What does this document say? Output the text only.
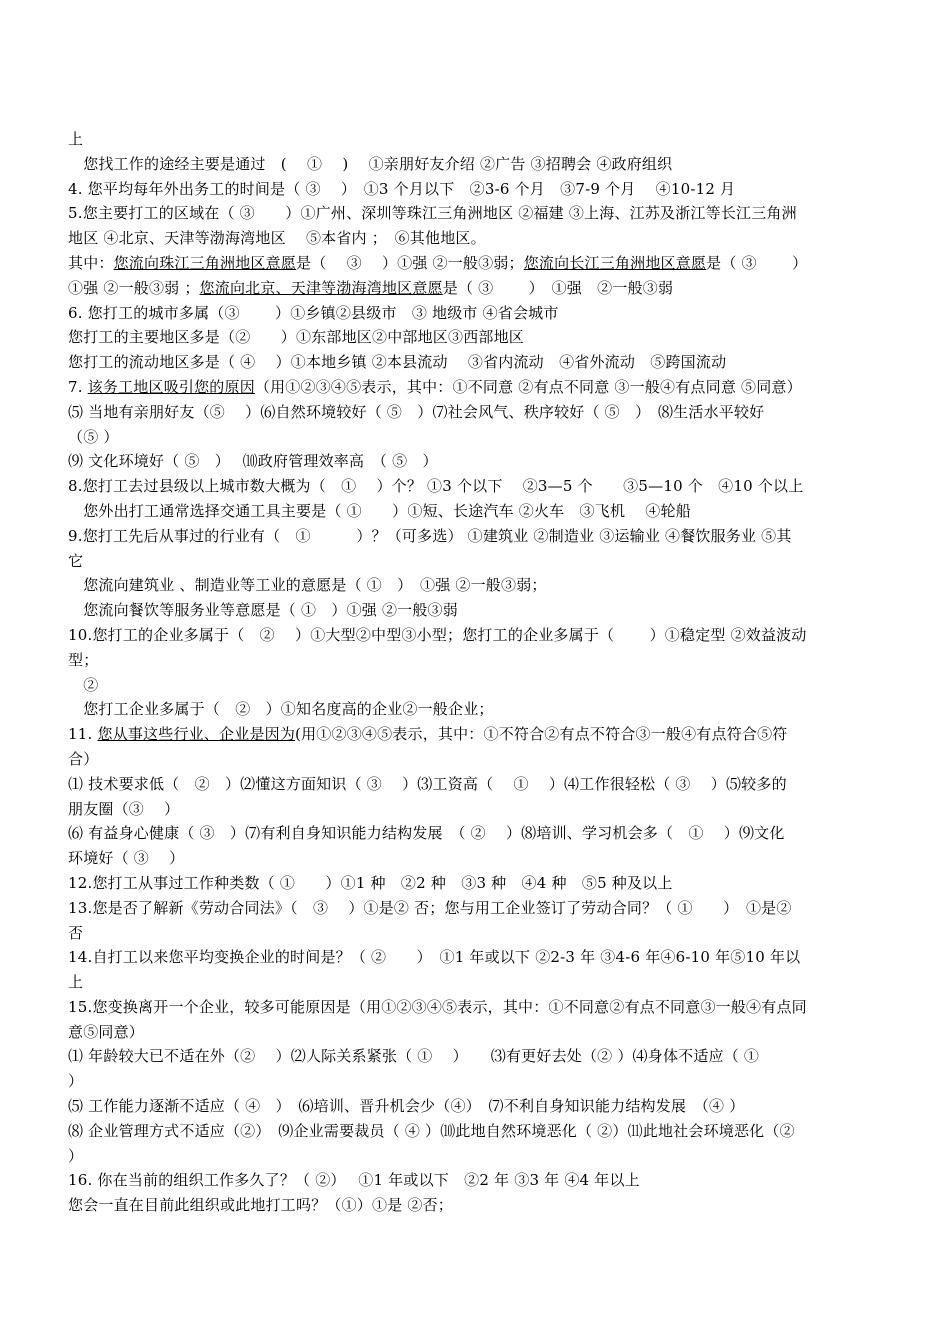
上
　您找工作的途经主要是通过　(　 ① 　)　 ①亲朋好友介绍 ②广告 ③招聘会 ④政府组织
4. 您平均每年外出务工的时间是（ ③　 ）　①3 个月以下　②3-6 个月　③7-9 个月　 ④10-12 月
5.您主要打工的区域在（ ③　　）①广州、深圳等珠江三角洲地区 ②福建 ③上海、江苏及浙江等长江三角洲
地区 ④北京、天津等渤海湾地区　 ⑤本省内 ；　⑥其他地区。
其中：您流向珠江三角洲地区意愿是（　 ③　 ）①强 ②一般③弱；您流向长江三角洲地区意愿是（ ③　　 ）
①强 ②一般③弱 ；您流向北京、天津等渤海湾地区意愿是（ ③　　 ）　①强　②一般③弱
6. 您打工的城市多属（③　　 ）①乡镇②县级市　③ 地级市 ④省会城市
您打工的主要地区多是（②　　）①东部地区②中部地区③西部地区
您打工的流动地区多是（ ④　 ）①本地乡镇 ②本县流动　 ③省内流动　④省外流动　⑤跨国流动
7. 该务工地区吸引您的原因（用①②③④⑤表示，其中：①不同意 ②有点不同意 ③一般④有点同意 ⑤同意）
⑸ 当地有亲朋好友（⑤　 ）⑹自然环境较好（ ⑤　）⑺社会风气、秩序较好（ ⑤　）　⑻生活水平较好
（⑤ ）
⑼ 文化环境好（ ⑤　）　 ⑽政府管理效率高　（ ⑤　）
8.您打工去过县级以上城市数大概为（　①　 ）个？ ①3 个以下　 ②3—5 个　　③5—10 个　④10 个以上
　您外出打工通常选择交通工具主要是（ ①　　）①短、长途汽车 ②火车　③飞机　 ④轮船
9.您打工先后从事过的行业有（　①　　　）？（可多选） ①建筑业 ②制造业 ③运输业 ④餐饮服务业 ⑤其
它
　您流向建筑业 、制造业等工业的意愿是（ ①　）　①强 ②一般③弱；
　您流向餐饮等服务业等意愿是（ ①　）①强 ②一般③弱
10.您打工的企业多属于（　②　 ）①大型②中型③小型；您打工的企业多属于（　　 ）①稳定型 ②效益波动
型；
　②
　您打工企业多属于（　②　）①知名度高的企业②一般企业；
11. 您从事这些行业、企业是因为(用①②③④⑤表示，其中：①不符合②有点不符合③一般④有点符合⑤符
合）
⑴ 技术要求低（　②　）⑵懂这方面知识（ ③　 ）⑶工资高（　 ①　 ）⑷工作很轻松（ ③　 ）⑸较多的
朋友圈（③　 ）
⑹ 有益身心健康（ ③　）⑺有利自身知识能力结构发展　（ ②　 ）⑻培训、学习机会多（　①　 ）⑼文化
环境好（ ③　 ）
12.您打工从事过工作种类数（ ①　　）①1 种　②2 种　③3 种　④4 种　⑤5 种及以上
13.您是否了解新《劳动合同法》（　③　 ）①是② 否；您与用工企业签订了劳动合同？（ ①　　）　①是②
否
14.自打工以来您平均变换企业的时间是？（ ②　　）　①1 年或以下 ②2-3 年 ③4-6 年④6-10 年⑤10 年以
上
15.您变换离开一个企业，较多可能原因是（用①②③④⑤表示，其中：①不同意②有点不同意③一般④有点同
意⑤同意）
⑴ 年龄较大已不适在外（②　 ）⑵人际关系紧张（ ①　 ）　　⑶有更好去处（② ）⑷身体不适应（ ①
）
⑸ 工作能力逐渐不适应（ ④　）　⑹培训、晋升机会少（④）　⑺不利自身知识能力结构发展　（④ ）
⑻ 企业管理方式不适应（②）　⑼企业需要裁员（ ④ ）⑽此地自然环境恶化（ ②）⑾此地社会环境恶化（②
）
16. 你在当前的组织工作多久了？（ ②）　 ①1 年或以下　②2 年 ③3 年 ④4 年以上
您会一直在目前此组织或此地打工吗？（①）①是 ②否；
